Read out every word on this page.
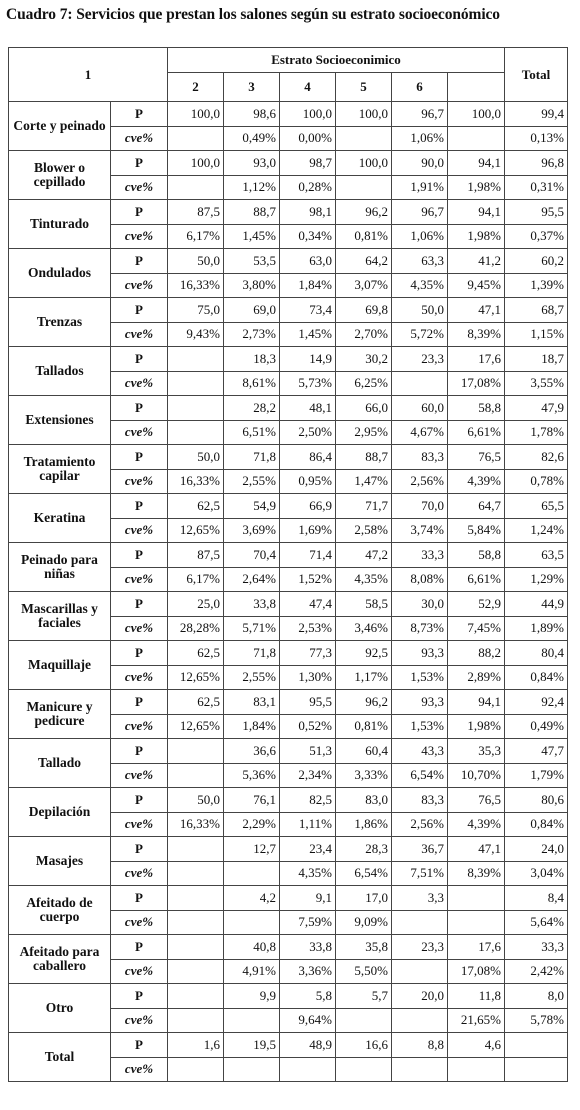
Cuadro 7: Servicios que prestan los salones según su estrato socioeconómico
1		Estrato Socioeconimico						Total
		2	3	4	5	6		
Corte y peinado	P	100,0	98,6	100,0	100,0	96,7	100,0	99,4
	cve%		0,49%	0,00%		1,06%		0,13%
Blower o cepillado	P	100,0	93,0	98,7	100,0	90,0	94,1	96,8
	cve%		1,12%	0,28%		1,91%	1,98%	0,31%
Tinturado	P	87,5	88,7	98,1	96,2	96,7	94,1	95,5
	cve%	6,17%	1,45%	0,34%	0,81%	1,06%	1,98%	0,37%
Ondulados	P	50,0	53,5	63,0	64,2	63,3	41,2	60,2
	cve%	16,33%	3,80%	1,84%	3,07%	4,35%	9,45%	1,39%
Trenzas	P	75,0	69,0	73,4	69,8	50,0	47,1	68,7
	cve%	9,43%	2,73%	1,45%	2,70%	5,72%	8,39%	1,15%
Tallados	P		18,3	14,9	30,2	23,3	17,6	18,7
	cve%		8,61%	5,73%	6,25%		17,08%	3,55%
Extensiones	P		28,2	48,1	66,0	60,0	58,8	47,9
	cve%		6,51%	2,50%	2,95%	4,67%	6,61%	1,78%
Tratamiento capilar	P	50,0	71,8	86,4	88,7	83,3	76,5	82,6
	cve%	16,33%	2,55%	0,95%	1,47%	2,56%	4,39%	0,78%
Keratina	P	62,5	54,9	66,9	71,7	70,0	64,7	65,5
	cve%	12,65%	3,69%	1,69%	2,58%	3,74%	5,84%	1,24%
Peinado para niñas	P	87,5	70,4	71,4	47,2	33,3	58,8	63,5
	cve%	6,17%	2,64%	1,52%	4,35%	8,08%	6,61%	1,29%
Mascarillas y faciales	P	25,0	33,8	47,4	58,5	30,0	52,9	44,9
	cve%	28,28%	5,71%	2,53%	3,46%	8,73%	7,45%	1,89%
Maquillaje	P	62,5	71,8	77,3	92,5	93,3	88,2	80,4
	cve%	12,65%	2,55%	1,30%	1,17%	1,53%	2,89%	0,84%
Manicure y pedicure	P	62,5	83,1	95,5	96,2	93,3	94,1	92,4
	cve%	12,65%	1,84%	0,52%	0,81%	1,53%	1,98%	0,49%
Tallado	P		36,6	51,3	60,4	43,3	35,3	47,7
	cve%		5,36%	2,34%	3,33%	6,54%	10,70%	1,79%
Depilación	P	50,0	76,1	82,5	83,0	83,3	76,5	80,6
	cve%	16,33%	2,29%	1,11%	1,86%	2,56%	4,39%	0,84%
Masajes	P		12,7	23,4	28,3	36,7	47,1	24,0
	cve%			4,35%	6,54%	7,51%	8,39%	3,04%
Afeitado de cuerpo	P		4,2	9,1	17,0	3,3		8,4
	cve%			7,59%	9,09%			5,64%
Afeitado para caballero	P		40,8	33,8	35,8	23,3	17,6	33,3
	cve%		4,91%	3,36%	5,50%		17,08%	2,42%
Otro	P		9,9	5,8	5,7	20,0	11,8	8,0
	cve%			9,64%			21,65%	5,78%
Total	P	1,6	19,5	48,9	16,6	8,8	4,6	
	cve%							
